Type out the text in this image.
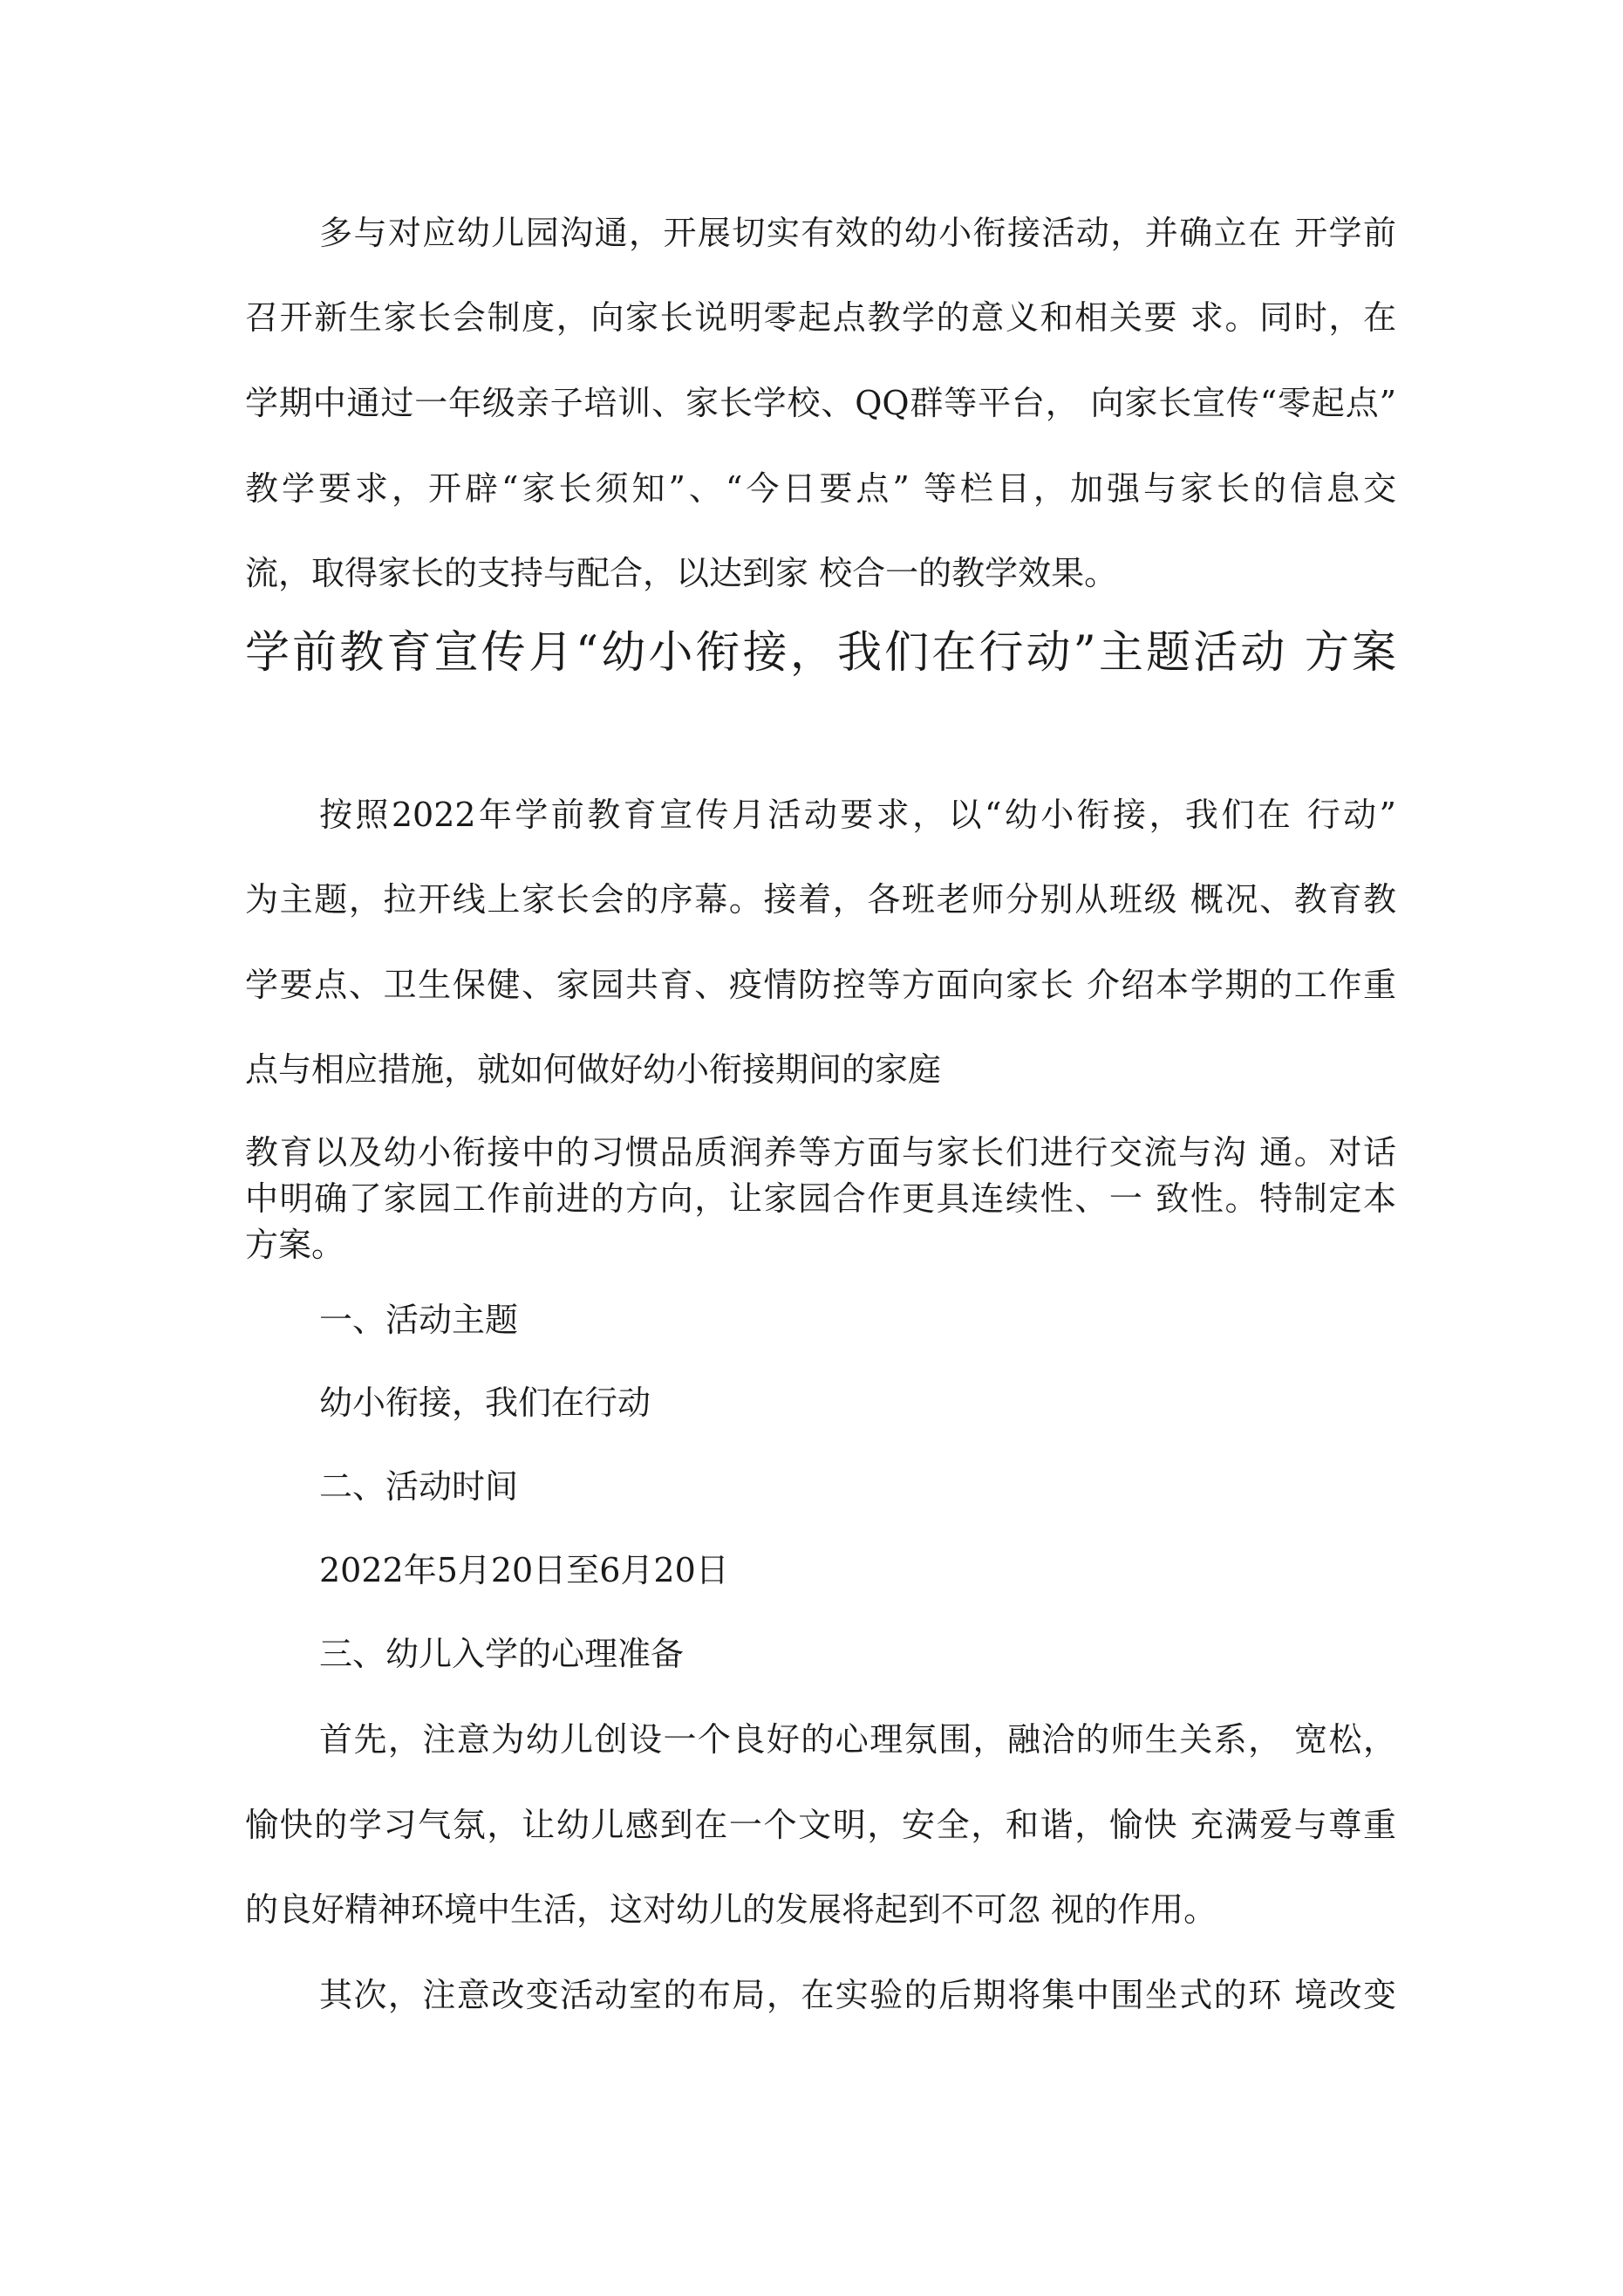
多与对应幼儿园沟通，开展切实有效的幼小衔接活动，并确立在 开学前
召开新生家长会制度，向家长说明零起点教学的意义和相关要 求。同时，在
学期中通过一年级亲子培训、家长学校、QQ群等平台， 向家长宣传“零起点”
教学要求，开辟“家长须知”、“今日要点” 等栏目，加强与家长的信息交
流，取得家长的支持与配合，以达到家 校合一的教学效果。
学前教育宣传月“幼小衔接，我们在行动”主题活动 方案
按照2022年学前教育宣传月活动要求，以“幼小衔接，我们在 行动”
为主题，拉开线上家长会的序幕。接着，各班老师分别从班级 概况、教育教
学要点、卫生保健、家园共育、疫情防控等方面向家长 介绍本学期的工作重
点与相应措施，就如何做好幼小衔接期间的家庭
教育以及幼小衔接中的习惯品质润养等方面与家长们进行交流与沟 通。对话
中明确了家园工作前进的方向，让家园合作更具连续性、一 致性。特制定本
方案。
一、活动主题
幼小衔接，我们在行动
二、活动时间
2022年5月20日至6月20日
三、幼儿入学的心理准备
首先，注意为幼儿创设一个良好的心理氛围，融洽的师生关系， 宽松，
愉快的学习气氛，让幼儿感到在一个文明，安全，和谐，愉快 充满爱与尊重
的良好精神环境中生活，这对幼儿的发展将起到不可忽 视的作用。
其次，注意改变活动室的布局，在实验的后期将集中围坐式的环 境改变
